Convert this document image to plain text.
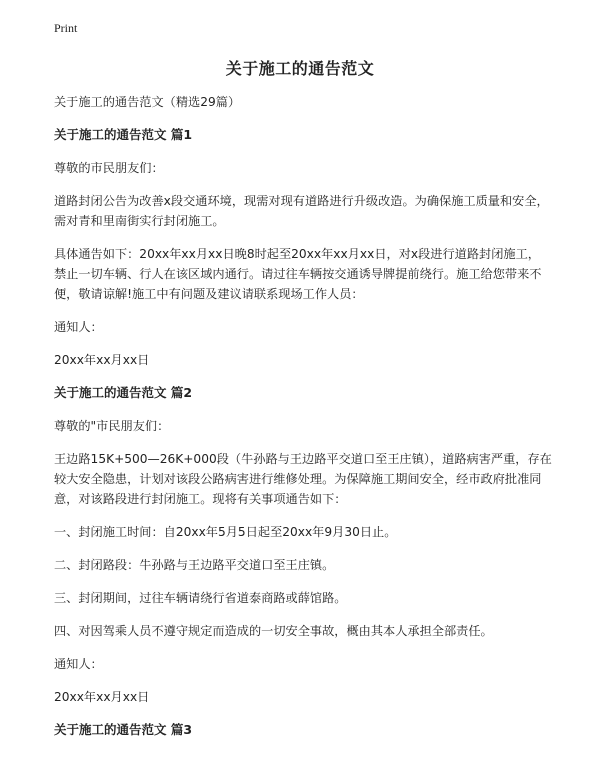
Print
关于施工的通告范文

关于施工的通告范文（精选29篇）

关于施工的通告范文 篇1

尊敬的市民朋友们：

道路封闭公告为改善x段交通环境，现需对现有道路进行升级改造。为确保施工质量和安全，需对青和里南街实行封闭施工。

具体通告如下：20xx年xx月xx日晚8时起至20xx年xx月xx日，对x段进行道路封闭施工，禁止一切车辆、行人在该区域内通行。请过往车辆按交通诱导牌提前绕行。施工给您带来不便，敬请谅解!施工中有问题及建议请联系现场工作人员：

通知人：

20xx年xx月xx日

关于施工的通告范文 篇2

尊敬的"市民朋友们：

王边路15K+500—26K+000段（牛孙路与王边路平交道口至王庄镇），道路病害严重，存在较大安全隐患，计划对该段公路病害进行维修处理。为保障施工期间安全，经市政府批准同意，对该路段进行封闭施工。现将有关事项通告如下：

一、封闭施工时间：自20xx年5月5日起至20xx年9月30日止。

二、封闭路段：牛孙路与王边路平交道口至王庄镇。

三、封闭期间，过往车辆请绕行省道泰商路或薛馆路。

四、对因驾乘人员不遵守规定而造成的一切安全事故，概由其本人承担全部责任。

通知人：

20xx年xx月xx日

关于施工的通告范文 篇3
